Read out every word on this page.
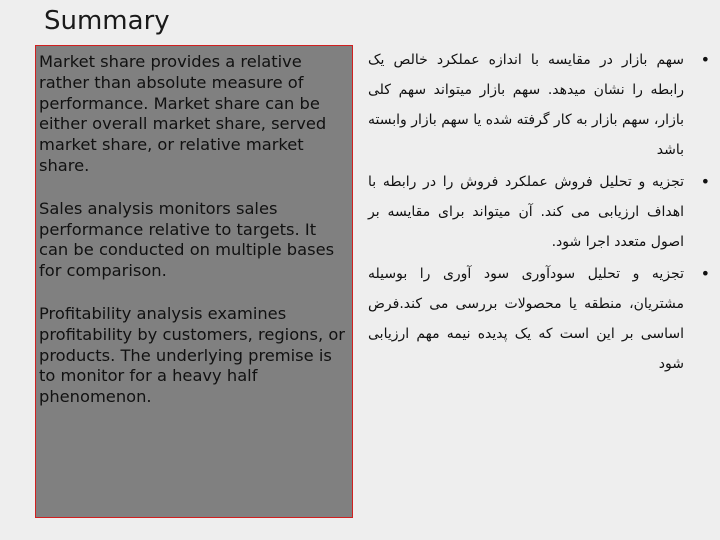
Summary

Market share provides a relative rather than absolute measure of performance. Market share can be either overall market share, served market share, or relative market share.

Sales analysis monitors sales performance relative to targets. It can be conducted on multiple bases for comparison.

Profitability analysis examines profitability by customers, regions, or products. The underlying premise is to monitor for a heavy half phenomenon.

•
سهم بازار در مقایسه با اندازه عملکرد خالص یک رابطه را نشان میدهد. سهم بازار میتواند سهم کلی بازار، سهم بازار به کار گرفته شده یا سهم بازار وابسته باشد
•
تجزیه و تحلیل فروش عملکرد فروش را در رابطه با اهداف ارزیابی می کند. آن میتواند برای مقایسه بر اصول متعدد اجرا شود.
•
تجزیه و تحلیل سودآوری سود آوری را بوسیله مشتریان، منطقه یا محصولات بررسی می کند.فرض اساسی بر این است که یک پدیده نیمه مهم ارزیابی شود
